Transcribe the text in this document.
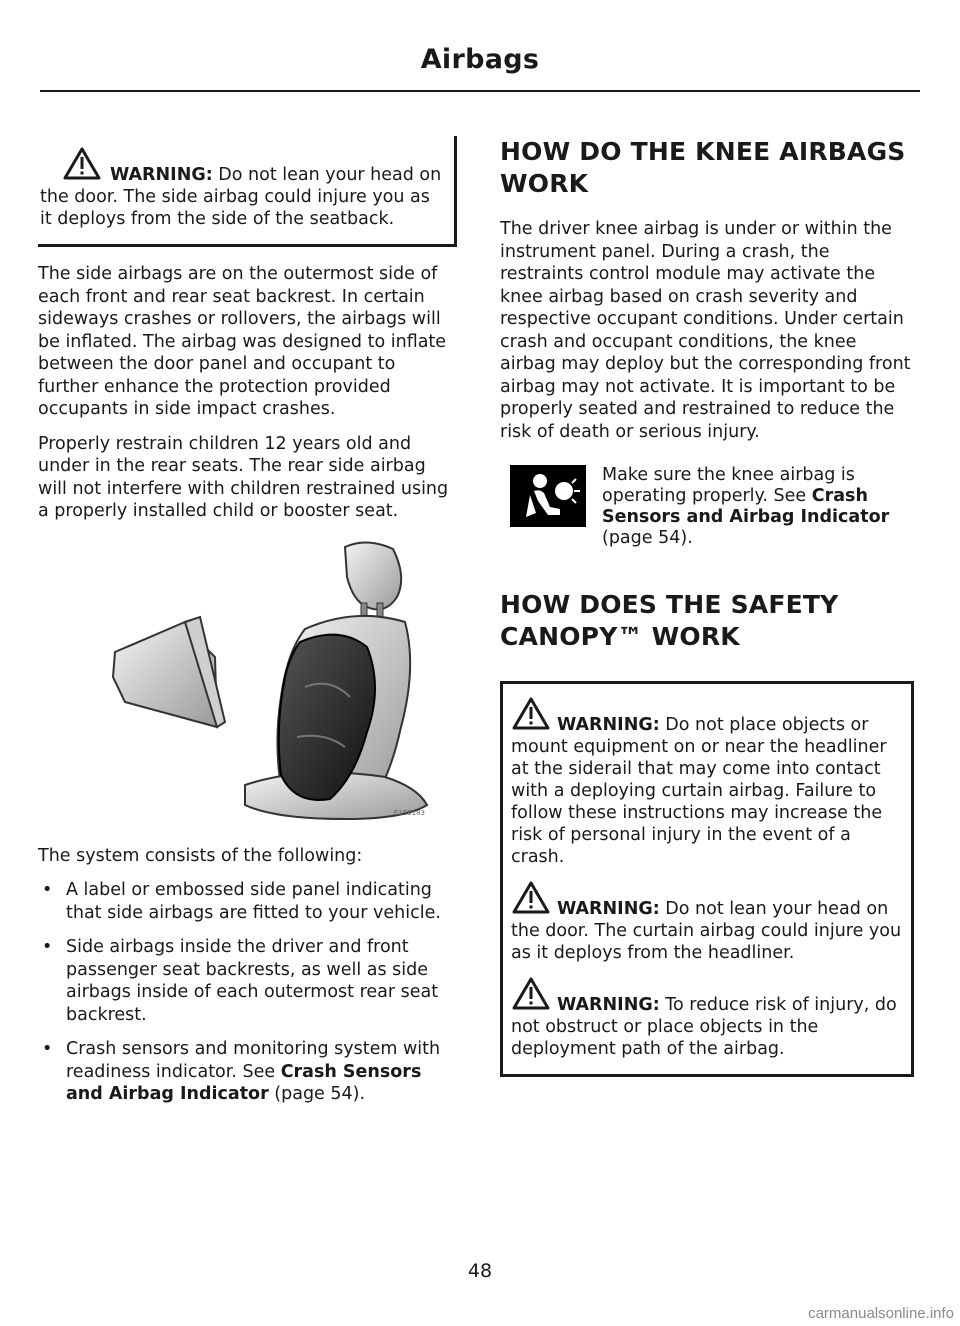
Airbags
WARNING: Do not lean your head on the door. The side airbag could injure you as it deploys from the side of the seatback.

The side airbags are on the outermost side of each front and rear seat backrest. In certain sideways crashes or rollovers, the airbags will be inflated. The airbag was designed to inflate between the door panel and occupant to further enhance the protection provided occupants in side impact crashes.

Properly restrain children 12 years old and under in the rear seats. The rear side airbag will not interfere with children restrained using a properly installed child or booster seat.

E183183

The system consists of the following:

• A label or embossed side panel indicating that side airbags are fitted to your vehicle.
• Side airbags inside the driver and front passenger seat backrests, as well as side airbags inside of each outermost rear seat backrest.
• Crash sensors and monitoring system with readiness indicator. See Crash Sensors and Airbag Indicator (page 54).
HOW DO THE KNEE AIRBAGS
WORK

The driver knee airbag is under or within the instrument panel. During a crash, the restraints control module may activate the knee airbag based on crash severity and respective occupant conditions. Under certain crash and occupant conditions, the knee airbag may deploy but the corresponding front airbag may not activate. It is important to be properly seated and restrained to reduce the risk of death or serious injury.

Make sure the knee airbag is operating properly. See Crash Sensors and Airbag Indicator (page 54).
HOW DOES THE SAFETY
CANOPY™ WORK
WARNING: Do not place objects or mount equipment on or near the headliner at the siderail that may come into contact with a deploying curtain airbag. Failure to follow these instructions may increase the risk of personal injury in the event of a crash.
WARNING: Do not lean your head on the door. The curtain airbag could injure you as it deploys from the headliner.
WARNING: To reduce risk of injury, do not obstruct or place objects in the deployment path of the airbag.
48
carmanualsonline.info
